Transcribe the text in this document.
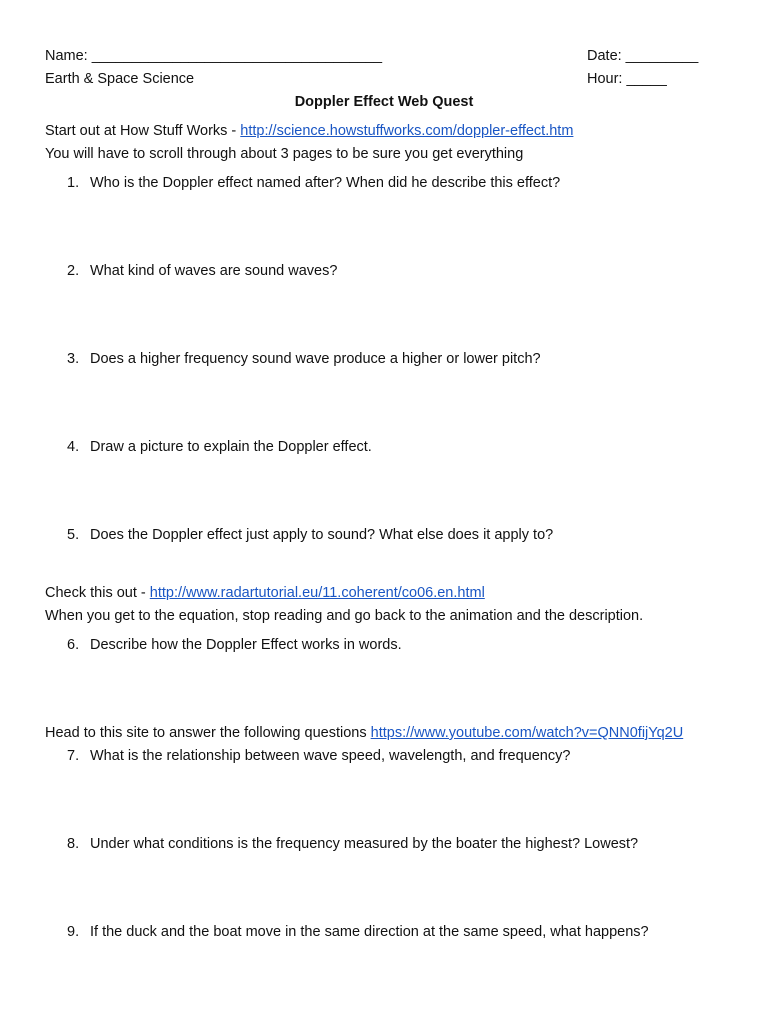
Name: ____________________________________	Date: _________
Earth & Space Science	Hour: _____
Doppler Effect Web Quest
Start out at How Stuff Works - http://science.howstuffworks.com/doppler-effect.htm
You will have to scroll through about 3 pages to be sure you get everything
1. Who is the Doppler effect named after? When did he describe this effect?
2. What kind of waves are sound waves?
3. Does a higher frequency sound wave produce a higher or lower pitch?
4. Draw a picture to explain the Doppler effect.
5. Does the Doppler effect just apply to sound? What else does it apply to?
Check this out - http://www.radartutorial.eu/11.coherent/co06.en.html
When you get to the equation, stop reading and go back to the animation and the description.
6. Describe how the Doppler Effect works in words.
Head to this site to answer the following questions https://www.youtube.com/watch?v=QNN0fijYq2U
7. What is the relationship between wave speed, wavelength, and frequency?
8. Under what conditions is the frequency measured by the boater the highest? Lowest?
9. If the duck and the boat move in the same direction at the same speed, what happens?
